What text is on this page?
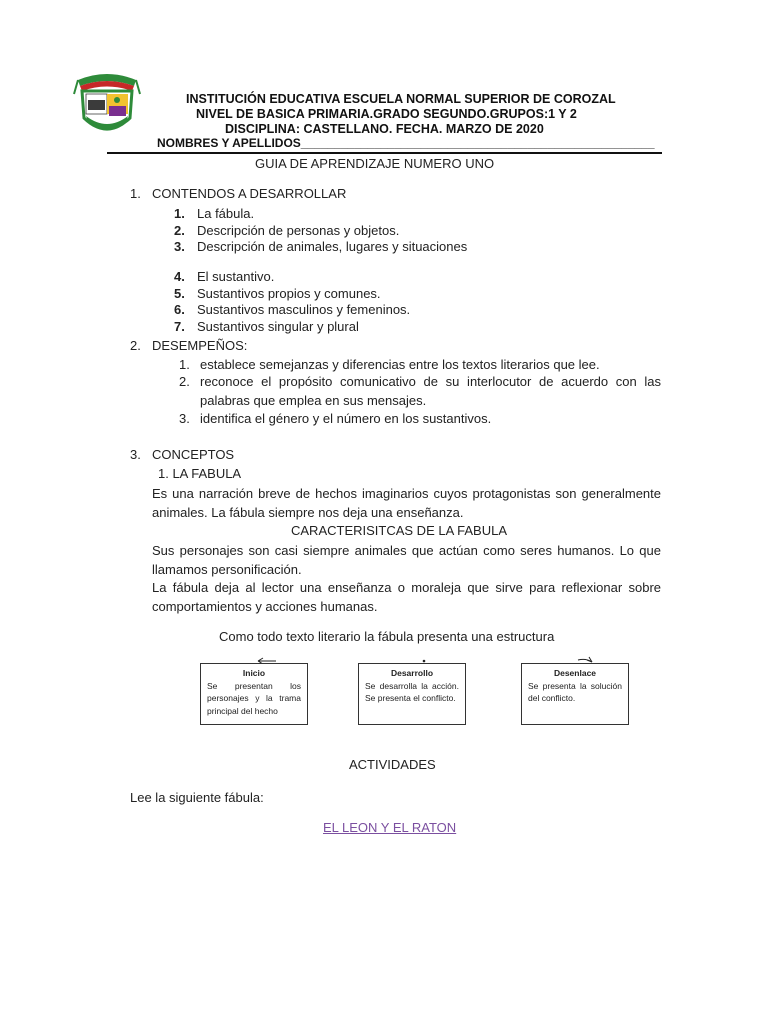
INSTITUCIÓN EDUCATIVA ESCUELA NORMAL SUPERIOR DE COROZAL
NIVEL DE BASICA PRIMARIA.GRADO SEGUNDO.GRUPOS:1 Y 2
DISCIPLINA: CASTELLANO. FECHA. MARZO DE 2020
NOMBRES Y APELLIDOS_____________________________________________________
GUIA DE APRENDIZAJE NUMERO UNO
1. CONTENDOS A DESARROLLAR
1. La fábula.
2. Descripción de personas y objetos.
3. Descripción de animales, lugares y situaciones
4. El sustantivo.
5. Sustantivos propios y comunes.
6. Sustantivos masculinos y femeninos.
7. Sustantivos singular y plural
2. DESEMPEÑOS:
1. establece semejanzas y diferencias entre los textos literarios que lee.
2. reconoce el propósito comunicativo de su interlocutor de acuerdo con las palabras que emplea en sus mensajes.
3. identifica el género y el número en los sustantivos.
3. CONCEPTOS
1. LA FABULA
Es una narración breve de hechos imaginarios cuyos protagonistas son generalmente animales. La fábula siempre nos deja una enseñanza.
CARACTERISITCAS DE LA FABULA
Sus personajes son casi siempre animales que actúan como seres humanos. Lo que llamamos personificación.
La fábula deja al lector una enseñanza o moraleja que sirve para reflexionar sobre comportamientos y acciones humanas.
Como todo texto literario la fábula presenta una estructura
Inicio
Se presentan los personajes y la trama principal del hecho
Desarrollo
Se desarrolla la acción. Se presenta el conflicto.
Desenlace
Se presenta la solución del conflicto.
ACTIVIDADES
Lee la siguiente fábula:
EL LEON Y EL RATON
